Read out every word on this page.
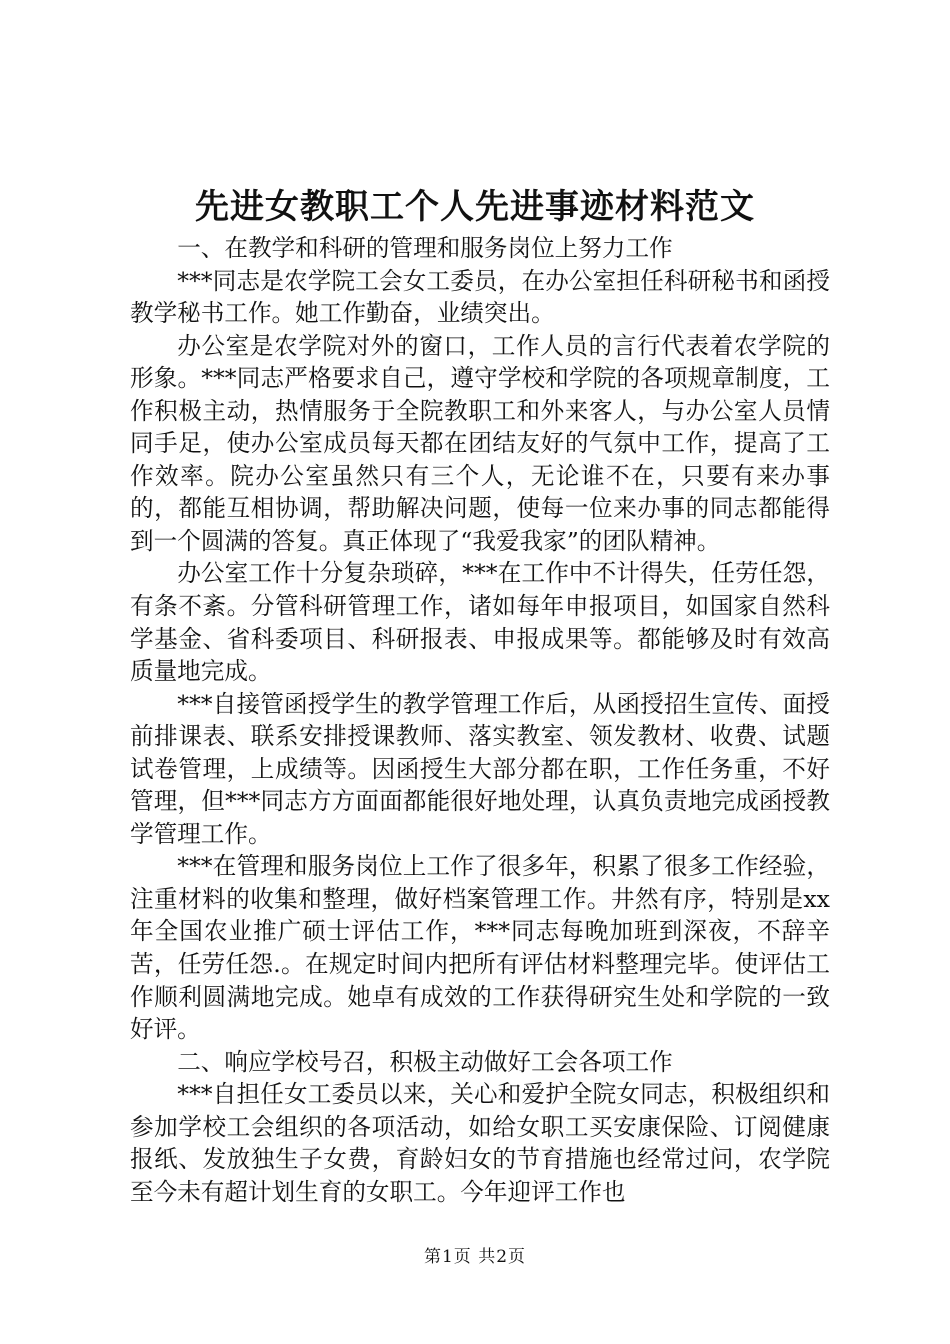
先进女教职工个人先进事迹材料范文

一、在教学和科研的管理和服务岗位上努力工作

***同志是农学院工会女工委员，在办公室担任科研秘书和函授教学秘书工作。她工作勤奋，业绩突出。

办公室是农学院对外的窗口，工作人员的言行代表着农学院的形象。***同志严格要求自己，遵守学校和学院的各项规章制度，工作积极主动，热情服务于全院教职工和外来客人，与办公室人员情同手足，使办公室成员每天都在团结友好的气氛中工作，提高了工作效率。院办公室虽然只有三个人，无论谁不在，只要有来办事的，都能互相协调，帮助解决问题，使每一位来办事的同志都能得到一个圆满的答复。真正体现了“我爱我家”的团队精神。

办公室工作十分复杂琐碎，***在工作中不计得失，任劳任怨，有条不紊。分管科研管理工作，诸如每年申报项目，如国家自然科学基金、省科委项目、科研报表、申报成果等。都能够及时有效高质量地完成。

***自接管函授学生的教学管理工作后，从函授招生宣传、面授前排课表、联系安排授课教师、落实教室、领发教材、收费、试题试卷管理，上成绩等。因函授生大部分都在职，工作任务重，不好管理，但***同志方方面面都能很好地处理，认真负责地完成函授教学管理工作。

***在管理和服务岗位上工作了很多年，积累了很多工作经验，注重材料的收集和整理，做好档案管理工作。井然有序，特别是xx年全国农业推广硕士评估工作，***同志每晚加班到深夜，不辞辛苦，任劳任怨.。在规定时间内把所有评估材料整理完毕。使评估工作顺利圆满地完成。她卓有成效的工作获得研究生处和学院的一致好评。

二、响应学校号召，积极主动做好工会各项工作

***自担任女工委员以来，关心和爱护全院女同志，积极组织和参加学校工会组织的各项活动，如给女职工买安康保险、订阅健康报纸、发放独生子女费，育龄妇女的节育措施也经常过问，农学院至今未有超计划生育的女职工。今年迎评工作也

第1页 共2页
